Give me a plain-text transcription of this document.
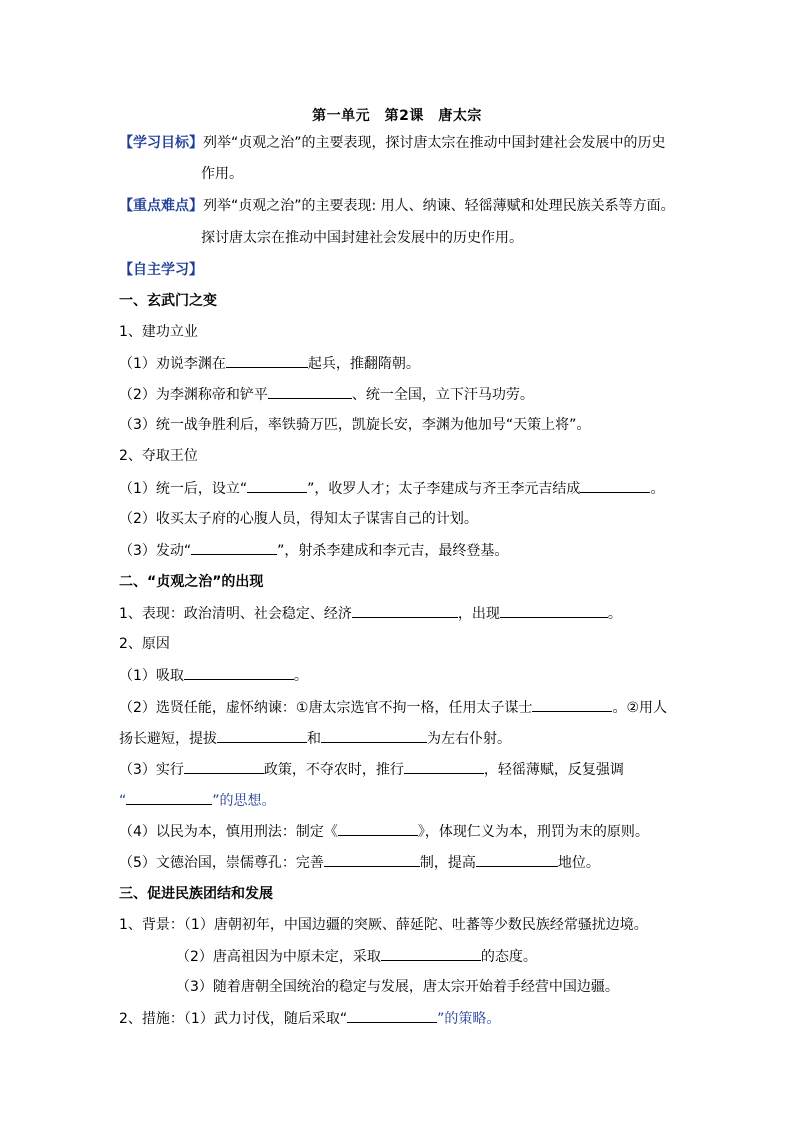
第一单元　第2课　唐太宗
【学习目标】列举“贞观之治”的主要表现，探讨唐太宗在推动中国封建社会发展中的历史
作用。
【重点难点】列举“贞观之治”的主要表现: 用人、纳谏、轻徭薄赋和处理民族关系等方面。
探讨唐太宗在推动中国封建社会发展中的历史作用。
【自主学习】
一、玄武门之变
1、建功立业
（1）劝说李渊在	起兵，推翻隋朝。
（2）为李渊称帝和铲平	、统一全国，立下汗马功劳。
（3）统一战争胜利后，率铁骑万匹，凯旋长安，李渊为他加号“天策上将”。
2、夺取王位
（1）统一后，设立“	”，收罗人才；太子李建成与齐王李元吉结成	。
（2）收买太子府的心腹人员，得知太子谋害自己的计划。
（3）发动“	”，射杀李建成和李元吉，最终登基。
二、“贞观之治”的出现
1、表现：政治清明、社会稳定、经济	，出现	。
2、原因
（1）吸取	。
（2）选贤任能，虚怀纳谏：①唐太宗选官不拘一格，任用太子谋士	。②用人
扬长避短，提拔	和	为左右仆射。
（3）实行	政策，不夺农时，推行	，轻徭薄赋，反复强调
“	”的思想。
（4）以民为本，慎用刑法：制定《	》，体现仁义为本，刑罚为末的原则。
（5）文德治国，崇儒尊孔：完善	制，提高	地位。
三、促进民族团结和发展
1、背景：（1）唐朝初年，中国边疆的突厥、薛延陀、吐蕃等少数民族经常骚扰边境。
（2）唐高祖因为中原未定，采取	的态度。
（3）随着唐朝全国统治的稳定与发展，唐太宗开始着手经营中国边疆。
2、措施：（1）武力讨伐，随后采取“	”的策略。
